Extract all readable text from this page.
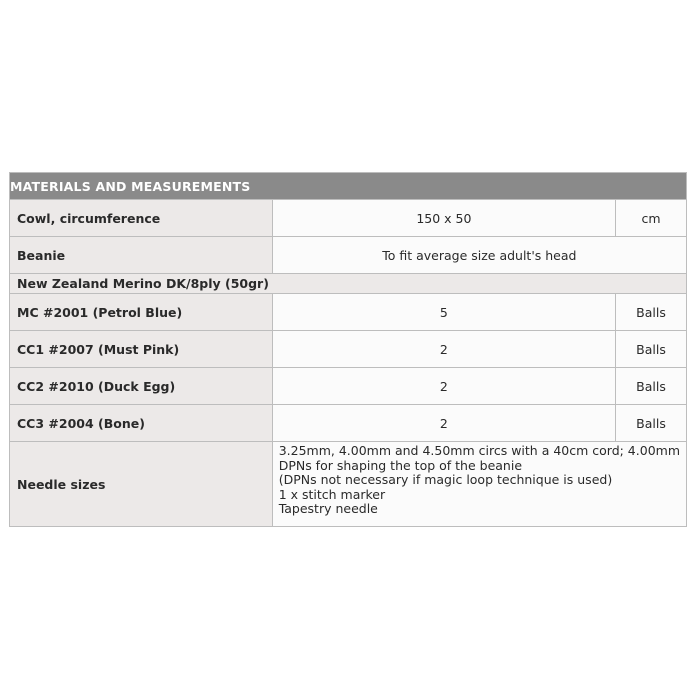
MATERIALS AND MEASUREMENTS		
Cowl, circumference	150 x 50	cm
Beanie	To fit average size adult's head	
New Zealand Merino DK/8ply (50gr)		
MC #2001 (Petrol Blue)	5	Balls
CC1 #2007 (Must Pink)	2	Balls
CC2 #2010 (Duck Egg)	2	Balls
CC3 #2004 (Bone)	2	Balls
Needle sizes	3.25mm, 4.00mm and 4.50mm circs with a 40cm cord; 4.00mm
DPNs for shaping the top of the beanie
(DPNs not necessary if magic loop technique is used)
1 x stitch marker
Tapestry needle	
